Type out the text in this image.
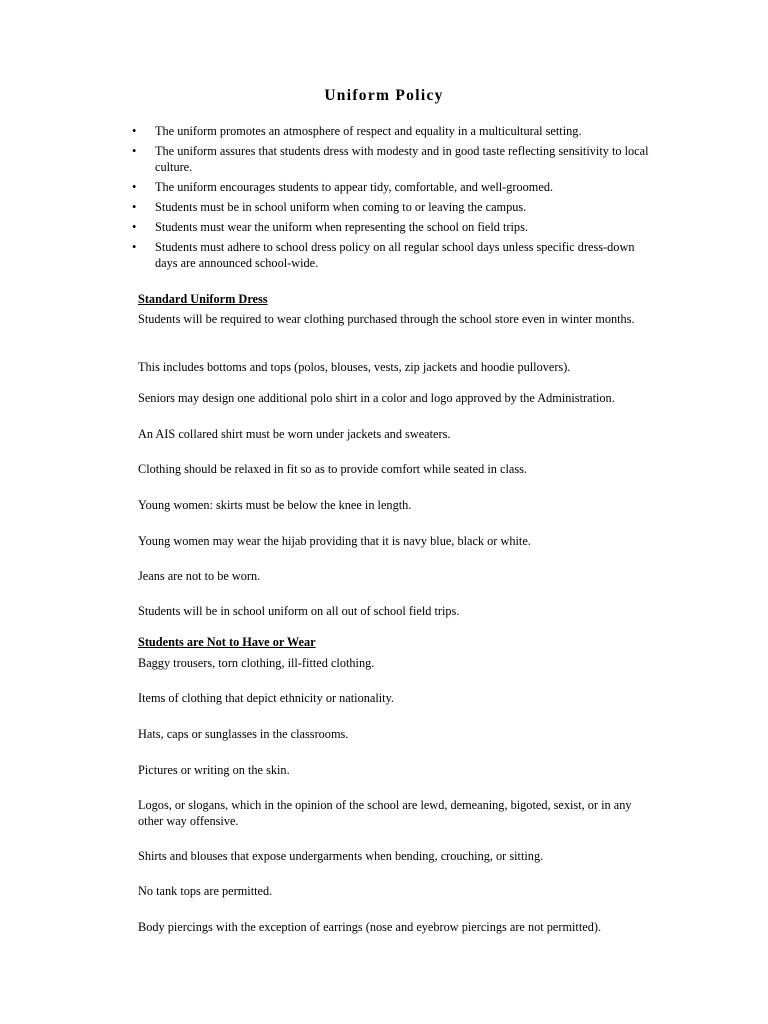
Uniform Policy
•	The uniform promotes an atmosphere of respect and equality in a multicultural setting.
•	The uniform assures that students dress with modesty and in good taste reflecting sensitivity to local culture.
•	The uniform encourages students to appear tidy, comfortable, and well-groomed.
•	Students must be in school uniform when coming to or leaving the campus.
•	Students must wear the uniform when representing the school on field trips.
•	Students must adhere to school dress policy on all regular school days unless specific dress-down days are announced school-wide.
Standard Uniform Dress

Students will be required to wear clothing purchased through the school store even in winter months.

This includes bottoms and tops (polos, blouses, vests, zip jackets and hoodie pullovers).

Seniors may design one additional polo shirt in a color and logo approved by the Administration.

An AIS collared shirt must be worn under jackets and sweaters.

Clothing should be relaxed in fit so as to provide comfort while seated in class.

Young women: skirts must be below the knee in length.

Young women may wear the hijab providing that it is navy blue, black or white.

Jeans are not to be worn.

Students will be in school uniform on all out of school field trips.

Students are Not to Have or Wear

Baggy trousers, torn clothing, ill-fitted clothing.

Items of clothing that depict ethnicity or nationality.

Hats, caps or sunglasses in the classrooms.

Pictures or writing on the skin.

Logos, or slogans, which in the opinion of the school are lewd, demeaning, bigoted, sexist, or in any other way offensive.

Shirts and blouses that expose undergarments when bending, crouching, or sitting.

No tank tops are permitted.

Body piercings with the exception of earrings (nose and eyebrow piercings are not permitted).
